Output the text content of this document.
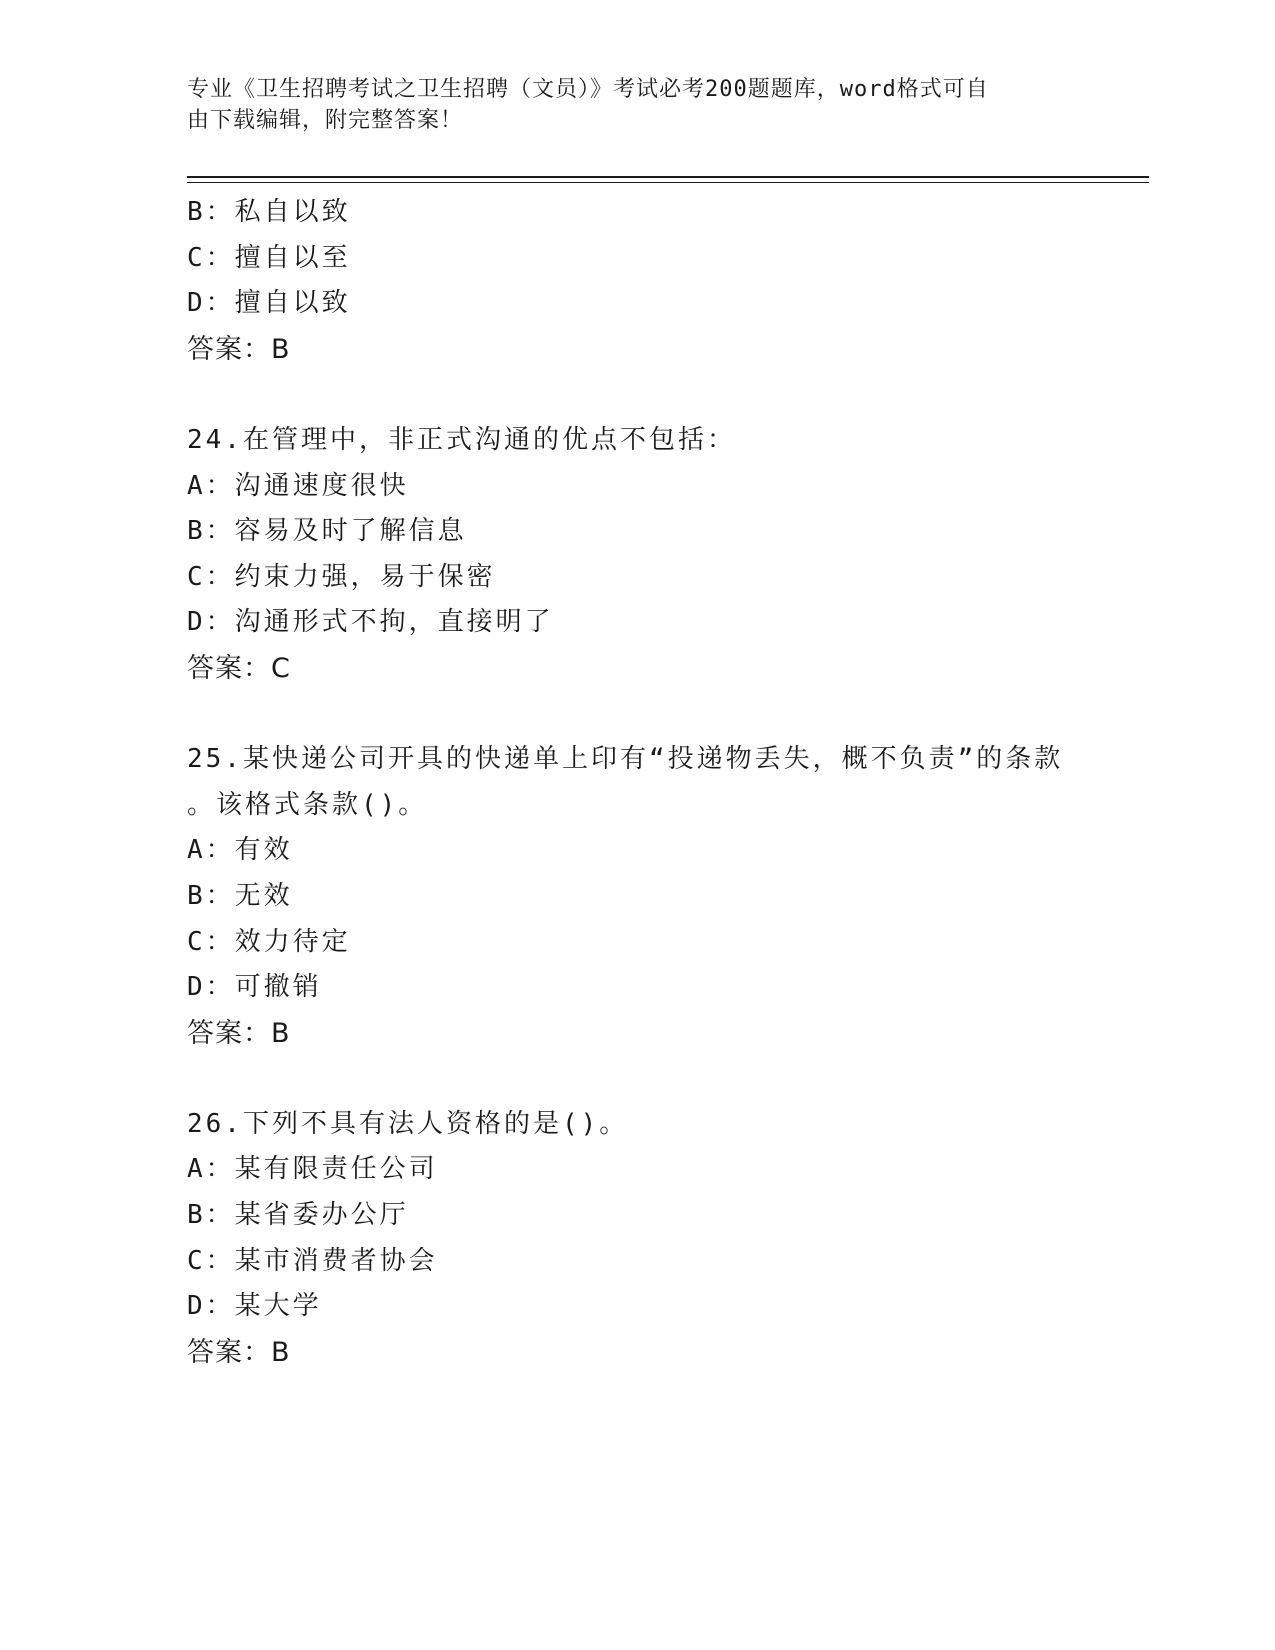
专业《卫生招聘考试之卫生招聘（文员）》考试必考200题题库，word格式可自
由下载编辑，附完整答案！
B：私自以致
C：擅自以至
D：擅自以致
答案：B
24.在管理中，非正式沟通的优点不包括：
A：沟通速度很快
B：容易及时了解信息
C：约束力强，易于保密
D：沟通形式不拘，直接明了
答案：C
25.某快递公司开具的快递单上印有“投递物丢失，概不负责”的条款
。该格式条款()。
A：有效
B：无效
C：效力待定
D：可撤销
答案：B
26.下列不具有法人资格的是()。
A：某有限责任公司
B：某省委办公厅
C：某市消费者协会
D：某大学
答案：B
